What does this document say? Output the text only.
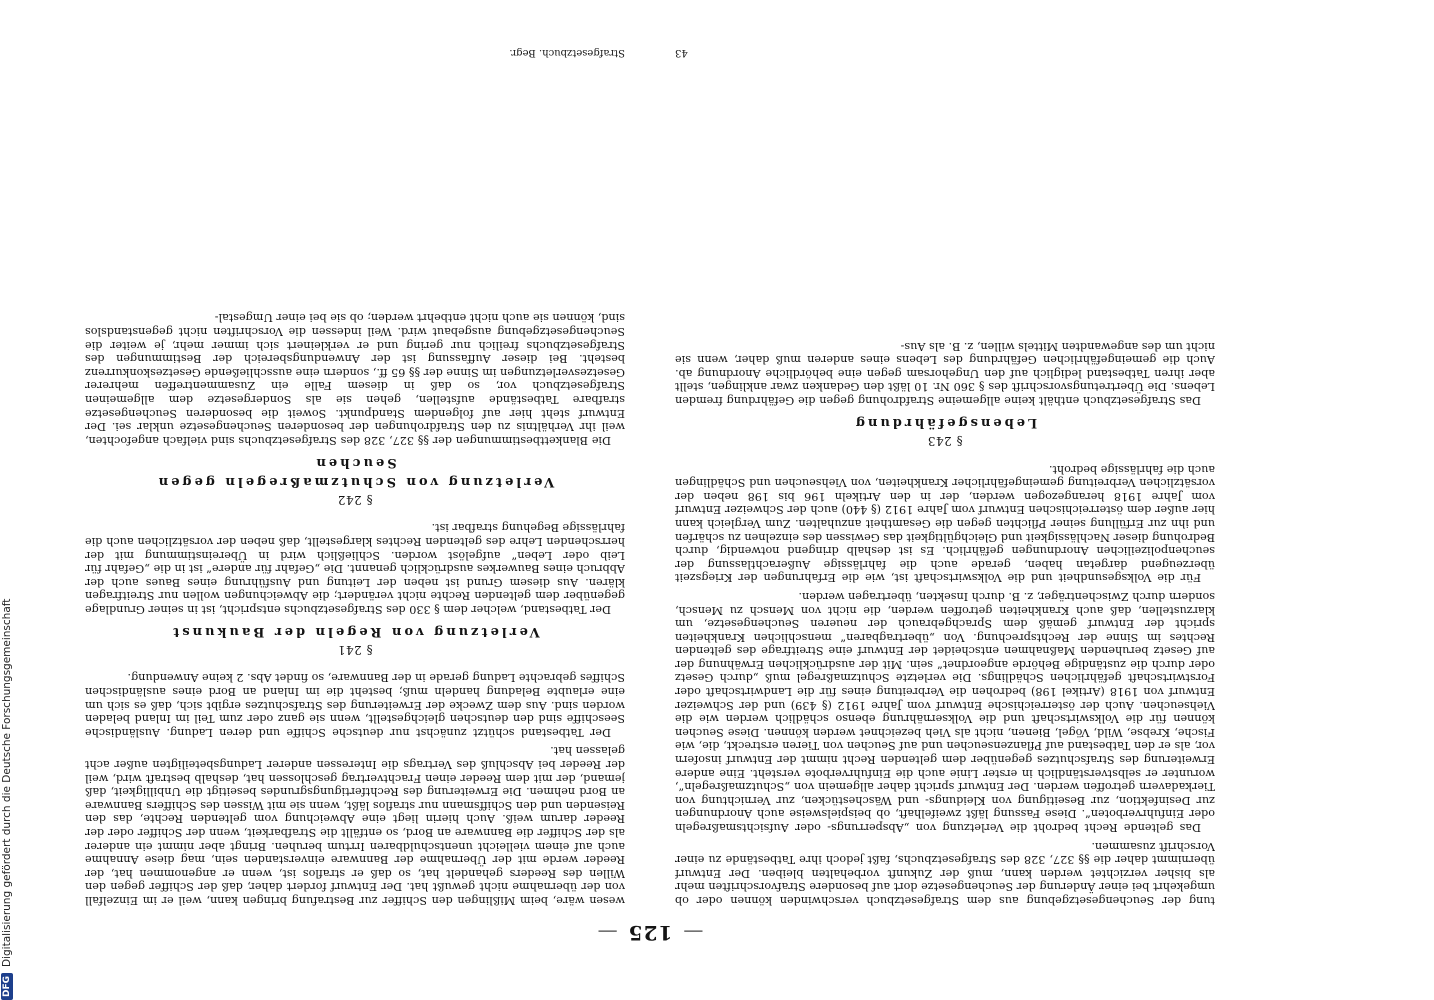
— 125 —

tung der Seuchengesetzgebung aus dem Strafgesetzbuch verschwinden können oder ob umgekehrt bei einer Änderung der Seuchengesetze dort auf besondere Strafvorschriften mehr als bisher verzichtet werden kann, muß der Zukunft vorbehalten bleiben. Der Entwurf übernimmt daher die §§ 327, 328 des Strafgesetzbuchs, faßt jedoch ihre Tatbestände zu einer Vorschrift zusammen.

Das geltende Recht bedroht die Verletzung von „Absperrungs- oder Aufsichtsmaßregeln oder Einfuhrverboten“. Diese Fassung läßt zweifelhaft, ob beispielsweise auch Anordnungen zur Desinfektion, zur Beseitigung von Kleidungs- und Wäschestücken, zur Vernichtung von Tierkadavern getroffen werden. Der Entwurf spricht daher allgemein von „Schutzmaßregeln“, worunter er selbstverständlich in erster Linie auch die Einfuhrverbote versteht. Eine andere Erweiterung des Strafschutzes gegenüber dem geltenden Recht nimmt der Entwurf insofern vor, als er den Tatbestand auf Pflanzenseuchen und auf Seuchen von Tieren erstreckt, die, wie Fische, Krebse, Wild, Vögel, Bienen, nicht als Vieh bezeichnet werden können. Diese Seuchen können für die Volkswirtschaft und die Volksernährung ebenso schädlich werden wie die Viehseuchen. Auch der österreichische Entwurf vom Jahre 1912 (§ 439) und der Schweizer Entwurf von 1918 (Artikel 198) bedrohen die Verbreitung eines für die Landwirtschaft oder Forstwirtschaft gefährlichen Schädlings. Die verletzte Schutzmaßregel muß „durch Gesetz oder durch die zuständige Behörde angeordnet“ sein. Mit der ausdrücklichen Erwähnung der auf Gesetz beruhenden Maßnahmen entscheidet der Entwurf eine Streitfrage des geltenden Rechtes im Sinne der Rechtsprechung. Von „übertragbaren“ menschlichen Krankheiten spricht der Entwurf gemäß dem Sprachgebrauch der neueren Seuchengesetze, um klarzustellen, daß auch Krankheiten getroffen werden, die nicht von Mensch zu Mensch, sondern durch Zwischenträger, z. B. durch Insekten, übertragen werden.

Für die Volksgesundheit und die Volkswirtschaft ist, wie die Erfahrungen der Kriegszeit überzeugend dargetan haben, gerade auch die fahrlässige Außerachtlassung der seuchenpolizeilichen Anordnungen gefährlich. Es ist deshalb dringend notwendig, durch Bedrohung dieser Nachlässigkeit und Gleichgültigkeit das Gewissen des einzelnen zu schärfen und ihn zur Erfüllung seiner Pflichten gegen die Gesamtheit anzuhalten. Zum Vergleich kann hier außer dem österreichischen Entwurf vom Jahre 1912 (§ 440) auch der Schweizer Entwurf vom Jahre 1918 herangezogen werden, der in den Artikeln 196 bis 198 neben der vorsätzlichen Verbreitung gemeingefährlicher Krankheiten, von Viehseuchen und Schädlingen auch die fahrlässige bedroht.

§ 243
Lebensgefährdung

Das Strafgesetzbuch enthält keine allgemeine Strafdrohung gegen die Gefährdung fremden Lebens. Die Übertretungsvorschrift des § 360 Nr. 10 läßt den Gedanken zwar anklingen, stellt aber ihren Tatbestand lediglich auf den Ungehorsam gegen eine behördliche Anordnung ab. Auch die gemeingefährlichen Gefährdung des Lebens eines anderen muß daher, wenn sie nicht um des angewandten Mittels willen, z. B. als Aus-

wesen wäre, beim Mißlingen den Schiffer zur Bestrafung bringen kann, weil er im Einzelfall von der übernahme nicht gewußt hat. Der Entwurf fordert daher, daß der Schiffer gegen den Willen des Reeders gehandelt hat, so daß er straflos ist, wenn er angenommen hat, der Reeder werde mit der Übernahme der Bannware einverstanden sein, mag diese Annahme auch auf einem vielleicht unentschuldbaren Irrtum beruhen. Bringt aber nimmt ein anderer als der Schiffer die Bannware an Bord, so entfällt die Strafbarkeit, wenn der Schiffer oder der Reeder darum weiß. Auch hierin liegt eine Abweichung vom geltenden Rechte, das den Reisenden und den Schiffsmann nur straflos läßt, wenn sie mit Wissen des Schiffers Bannware an Bord nehmen. Die Erweiterung des Rechtfertigungsgrundes beseitigt die Unbilligkeit, daß jemand, der mit dem Reeder einen Frachtvertrag geschlossen hat, deshalb bestraft wird, weil der Reeder bei Abschluß des Vertrags die Interessen anderer Ladungsbeteiligten außer acht gelassen hat.

Der Tatbestand schützt zunächst nur deutsche Schiffe und deren Ladung. Ausländische Seeschiffe sind den deutschen gleichgestellt, wenn sie ganz oder zum Teil im Inland beladen worden sind. Aus dem Zwecke der Erweiterung des Strafschutzes ergibt sich, daß es sich um eine erlaubte Beladung handeln muß; besteht die im Inland an Bord eines ausländischen Schiffes gebrachte Ladung gerade in der Bannware, so findet Abs. 2 keine Anwendung.

§ 241
Verletzung von Regeln der Baukunst

Der Tatbestand, welcher dem § 330 des Strafgesetzbuchs entspricht, ist in seiner Grundlage gegenüber dem geltenden Rechte nicht verändert; die Abweichungen wollen nur Streitfragen klären. Aus diesem Grund ist neben der Leitung und Ausführung eines Baues auch der Abbruch eines Bauwerkes ausdrücklich genannt. Die „Gefahr für andere“ ist in die „Gefahr für Leib oder Leben“ aufgelöst worden. Schließlich wird in Übereinstimmung mit der herrschenden Lehre des geltenden Rechtes klargestellt, daß neben der vorsätzlichen auch die fahrlässige Begehung strafbar ist.

§ 242
Verletzung von Schutzmaßregeln gegen
Seuchen

Die Blankettbestimmungen der §§ 327, 328 des Strafgesetzbuchs sind vielfach angefochten, weil ihr Verhältnis zu den Strafdrohungen der besonderen Seuchengesetze unklar sei. Der Entwurf steht hier auf folgendem Standpunkt. Soweit die besonderen Seuchengesetze strafbare Tatbestände aufstellen, gehen sie als Sondergesetze dem allgemeinen Strafgesetzbuch vor, so daß in diesem Falle ein Zusammentreffen mehrerer Gesetzesverletzungen im Sinne der §§ 65 ff., sondern eine ausschließende Gesetzeskonkurrenz besteht. Bei dieser Auffassung ist der Anwendungsbereich der Bestimmungen des Strafgesetzbuchs freilich nur gering und er verkleinert sich immer mehr, je weiter die Seuchengesetzgebung ausgebaut wird. Weil indessen die Vorschriften nicht gegenstandslos sind, können sie auch nicht entbehrt werden; ob sie bei einer Umgestal-

43
Strafgesetzbuch. Begr.
DFG
Digitalisierung gefördert durch die Deutsche Forschungsgemeinschaft
